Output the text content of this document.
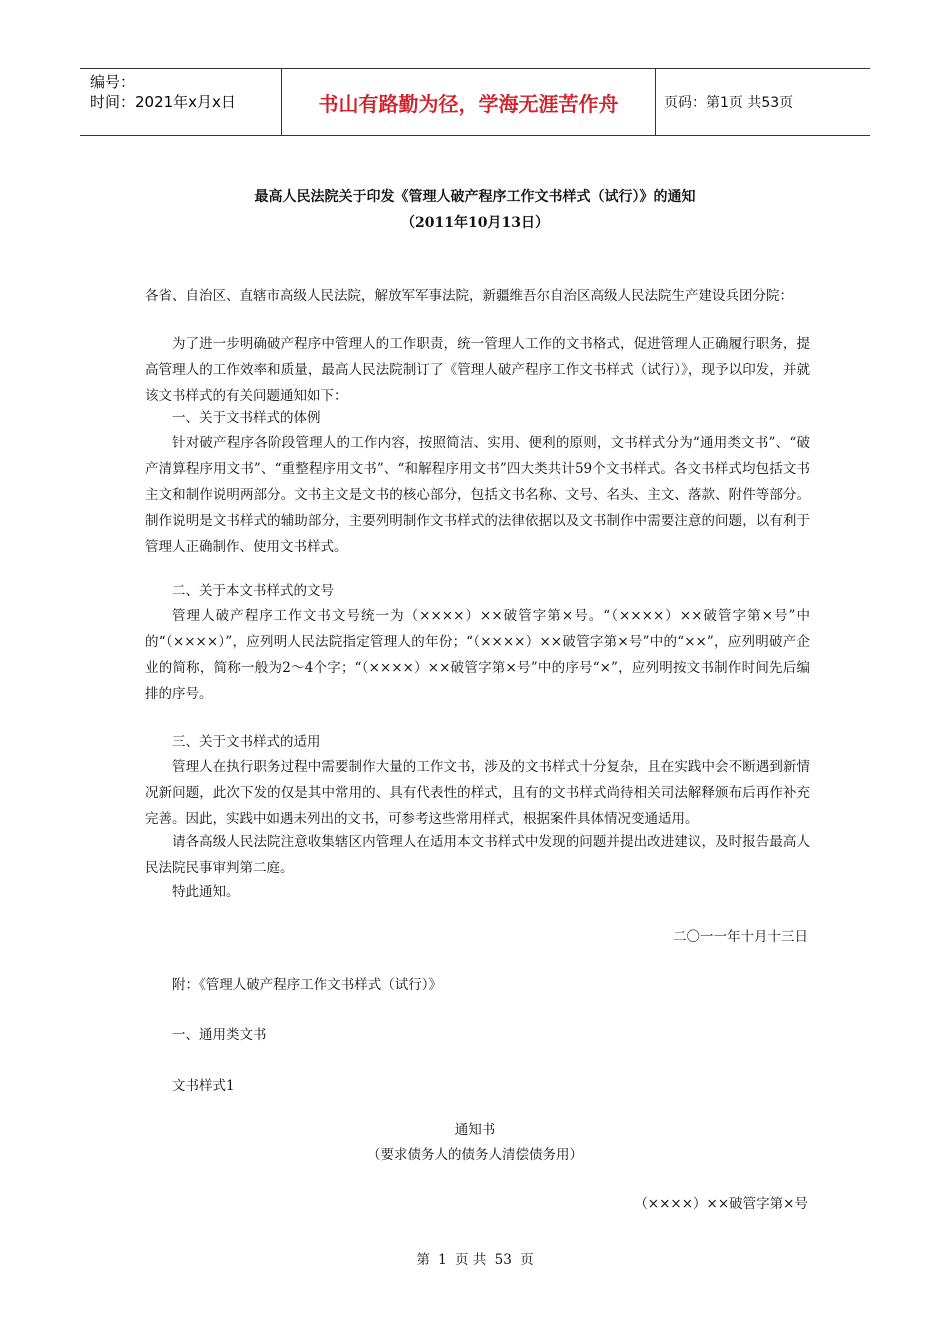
编号：
时间：2021年x月x日	书山有路勤为径，学海无涯苦作舟	页码：第1页 共53页
最高人民法院关于印发《管理人破产程序工作文书样式（试行）》的通知
（2011年10月13日）
各省、自治区、直辖市高级人民法院，解放军军事法院，新疆维吾尔自治区高级人民法院生产建设兵团分院：
为了进一步明确破产程序中管理人的工作职责，统一管理人工作的文书格式，促进管理人正确履行职务，提高管理人的工作效率和质量，最高人民法院制订了《管理人破产程序工作文书样式（试行）》，现予以印发，并就该文书样式的有关问题通知如下：
一、关于文书样式的体例
针对破产程序各阶段管理人的工作内容，按照简洁、实用、便利的原则，文书样式分为“通用类文书”、“破产清算程序用文书”、“重整程序用文书”、“和解程序用文书”四大类共计59个文书样式。各文书样式均包括文书主文和制作说明两部分。文书主文是文书的核心部分，包括文书名称、文号、名头、主文、落款、附件等部分。制作说明是文书样式的辅助部分，主要列明制作文书样式的法律依据以及文书制作中需要注意的问题，以有利于管理人正确制作、使用文书样式。
二、关于本文书样式的文号
管理人破产程序工作文书文号统一为（××××）××破管字第×号。“（××××）××破管字第×号”中的“（××××）”，应列明人民法院指定管理人的年份；“（××××）××破管字第×号”中的“××”，应列明破产企业的简称，简称一般为2～4个字；“（××××）××破管字第×号”中的序号“×”，应列明按文书制作时间先后编排的序号。
三、关于文书样式的适用
管理人在执行职务过程中需要制作大量的工作文书，涉及的文书样式十分复杂，且在实践中会不断遇到新情况新问题，此次下发的仅是其中常用的、具有代表性的样式，且有的文书样式尚待相关司法解释颁布后再作补充完善。因此，实践中如遇未列出的文书，可参考这些常用样式，根据案件具体情况变通适用。
请各高级人民法院注意收集辖区内管理人在适用本文书样式中发现的问题并提出改进建议，及时报告最高人民法院民事审判第二庭。
特此通知。
二〇一一年十月十三日
附：《管理人破产程序工作文书样式（试行）》
一、通用类文书
文书样式1
通知书
（要求债务人的债务人清偿债务用）
（××××）××破管字第×号
第 1 页 共 53 页
